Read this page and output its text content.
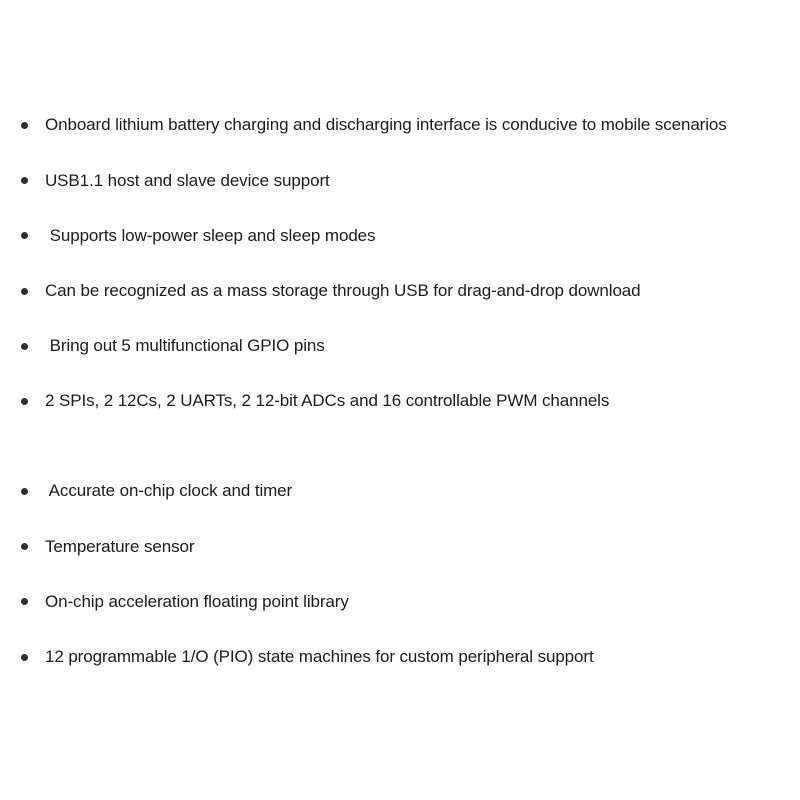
Onboard lithium battery charging and discharging interface is conducive to mobile scenarios
USB1.1 host and slave device support
Supports low-power sleep and sleep modes
Can be recognized as a mass storage through USB for drag-and-drop download
Bring out 5 multifunctional GPIO pins
2 SPIs, 2 12Cs, 2 UARTs, 2 12-bit ADCs and 16 controllable PWM channels
Accurate on-chip clock and timer
Temperature sensor
On-chip acceleration floating point library
12 programmable 1/O (PIO) state machines for custom peripheral support
